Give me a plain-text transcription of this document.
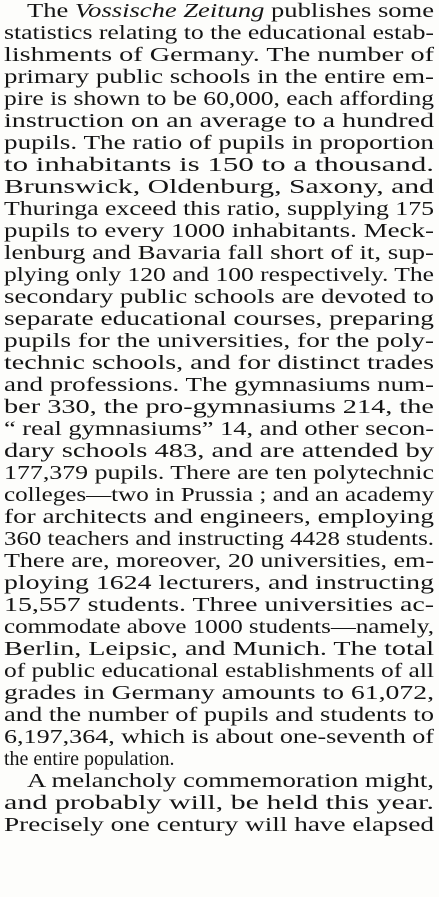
The Vossische Zeitung publishes some

statistics relating to the educational estab-

lishments of Germany. The number of

primary public schools in the entire em-

pire is shown to be 60,000, each affording

instruction on an average to a hundred

pupils. The ratio of pupils in proportion

to inhabitants is 150 to a thousand.

Brunswick, Oldenburg, Saxony, and

Thuringa exceed this ratio, supplying 175

pupils to every 1000 inhabitants. Meck-

lenburg and Bavaria fall short of it, sup-

plying only 120 and 100 respectively. The

secondary public schools are devoted to

separate educational courses, preparing

pupils for the universities, for the poly-

technic schools, and for distinct trades

and professions. The gymnasiums num-

ber 330, the pro-gymnasiums 214, the

“ real gymnasiums” 14, and other secon-

dary schools 483, and are attended by

177,379 pupils. There are ten polytechnic

colleges—two in Prussia ; and an academy

for architects and engineers, employing

360 teachers and instructing 4428 students.

There are, moreover, 20 universities, em-

ploying 1624 lecturers, and instructing

15,557 students. Three universities ac-

commodate above 1000 students—namely,

Berlin, Leipsic, and Munich. The total

of public educational establishments of all

grades in Germany amounts to 61,072,

and the number of pupils and students to

6,197,364, which is about one-seventh of

the entire population.

A melancholy commemoration might,

and probably will, be held this year.

Precisely one century will have elapsed
